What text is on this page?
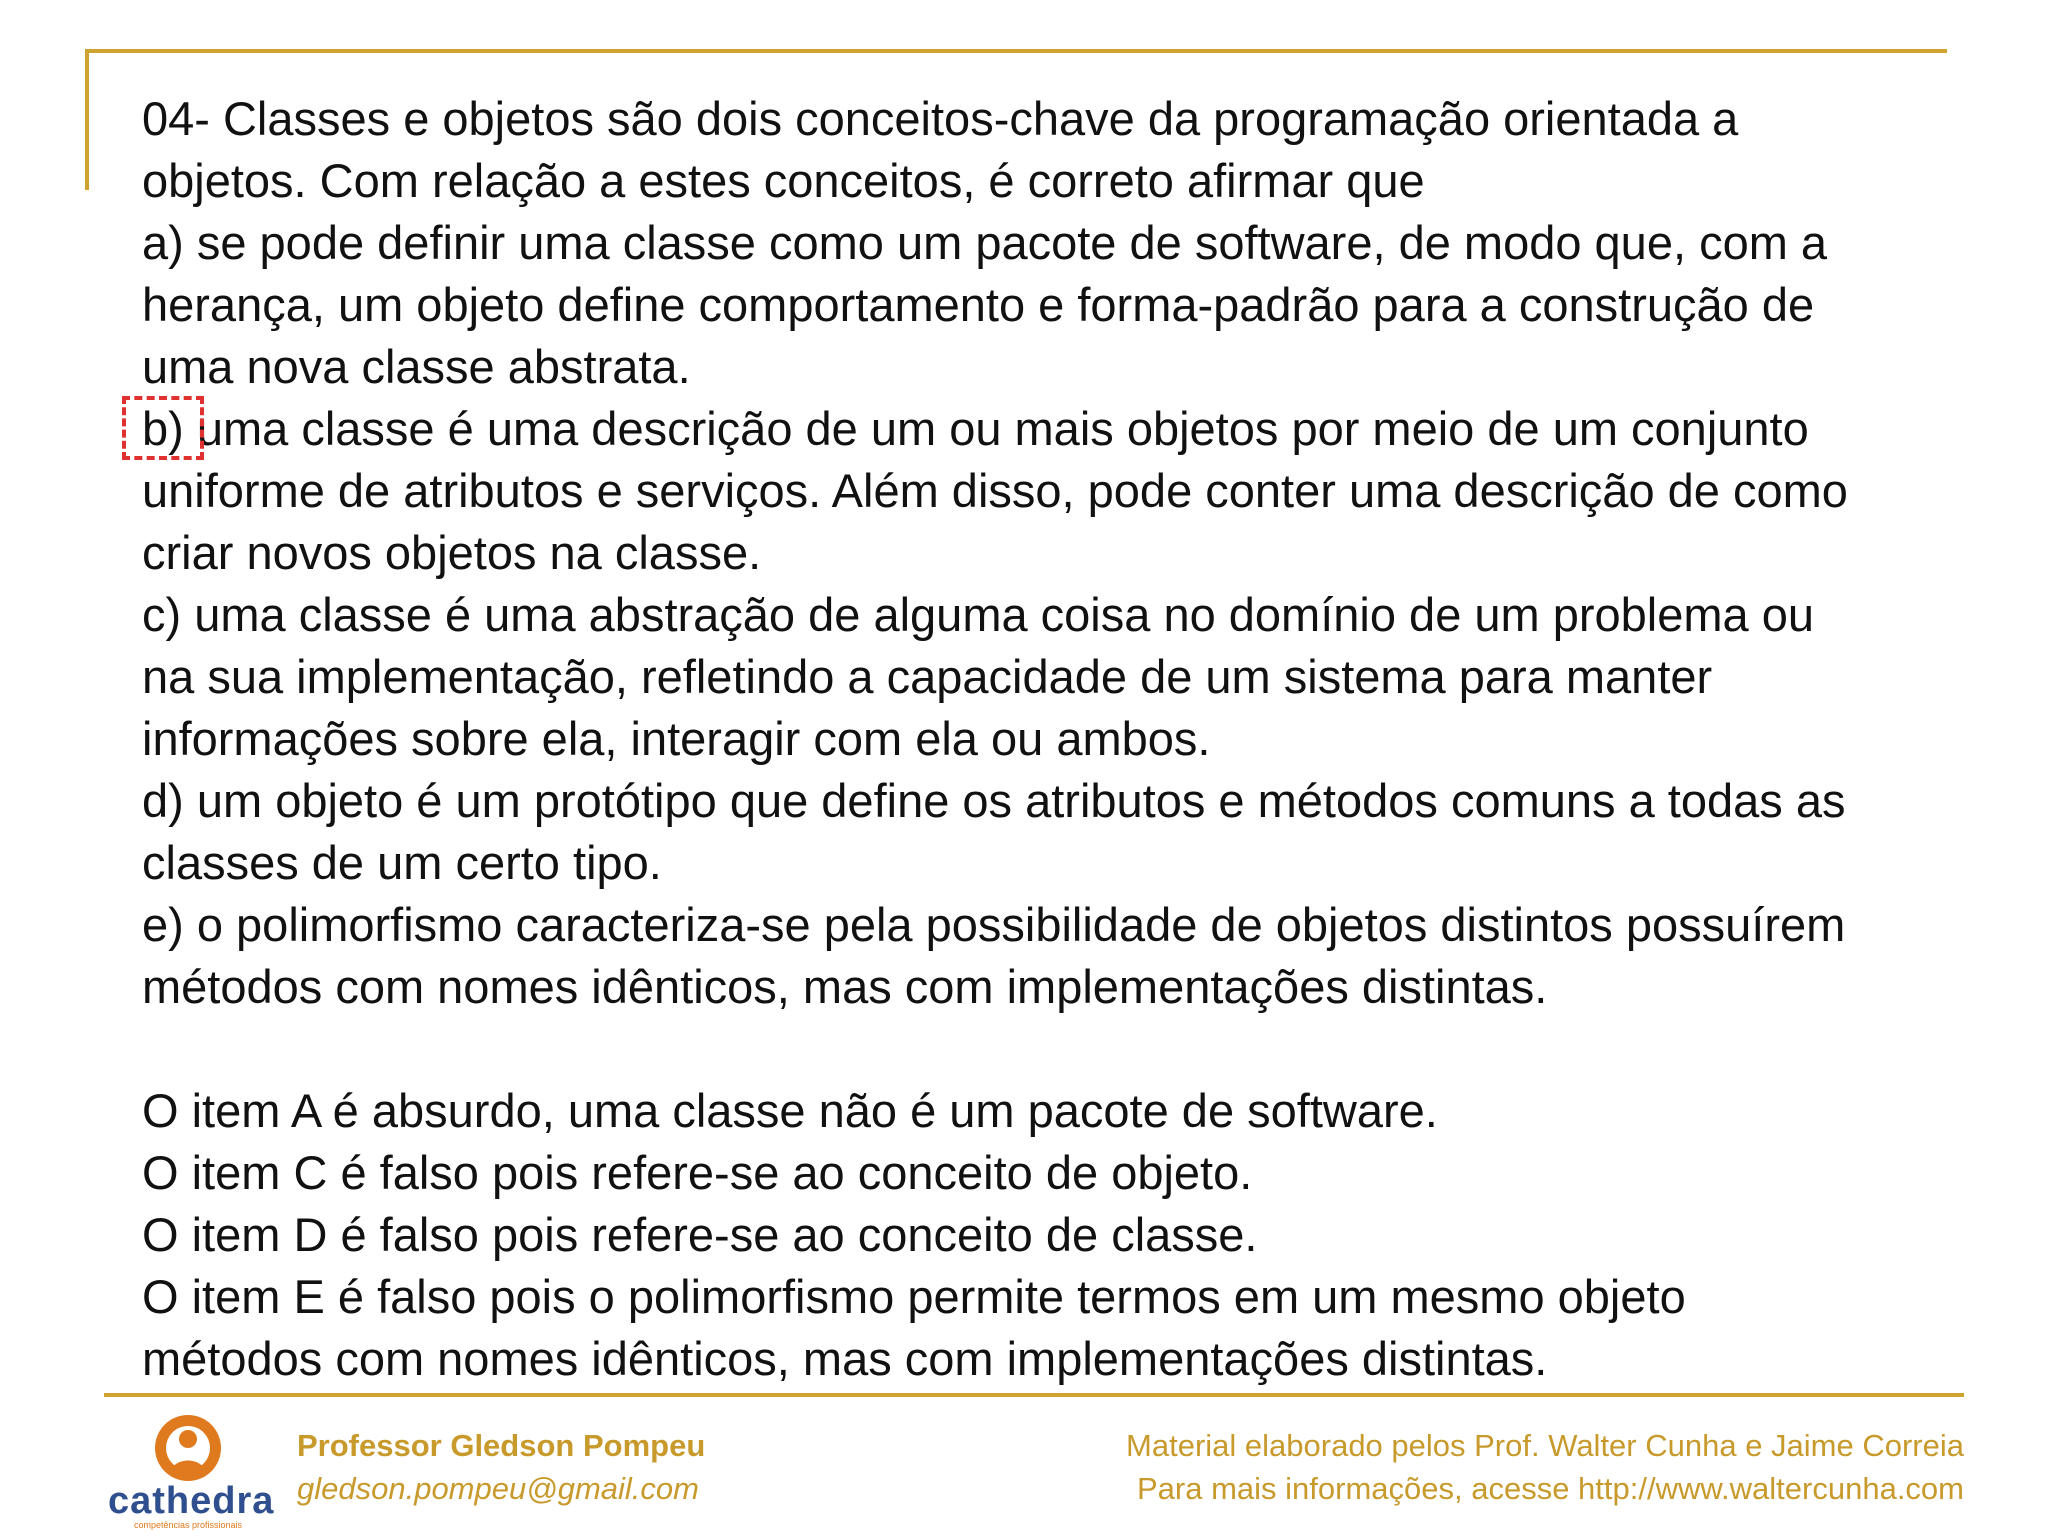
04- Classes e objetos são dois conceitos-chave da programação orientada a

objetos. Com relação a estes conceitos, é correto afirmar que

a) se pode definir uma classe como um pacote de software, de modo que, com a

herança, um objeto define comportamento e forma-padrão para a construção de

uma nova classe abstrata.

b) uma classe é uma descrição de um ou mais objetos por meio de um conjunto

uniforme de atributos e serviços. Além disso, pode conter uma descrição de como

criar novos objetos na classe.

c) uma classe é uma abstração de alguma coisa no domínio de um problema ou

na sua implementação, refletindo a capacidade de um sistema para manter

informações sobre ela, interagir com ela ou ambos.

d) um objeto é um protótipo que define os atributos e métodos comuns a todas as

classes de um certo tipo.

e) o polimorfismo caracteriza-se pela possibilidade de objetos distintos possuírem

métodos com nomes idênticos, mas com implementações distintas.

O item A é absurdo, uma classe não é um pacote de software.

O item C é falso pois refere-se ao conceito de objeto.

O item D é falso pois refere-se ao conceito de classe.

O item E é falso pois o polimorfismo permite termos em um mesmo objeto

métodos com nomes idênticos, mas com implementações distintas.

cathedra
competências profissionais
Professor Gledson Pompeu
gledson.pompeu@gmail.com
Material elaborado pelos Prof. Walter Cunha e Jaime Correia
Para mais informações, acesse http://www.waltercunha.com
